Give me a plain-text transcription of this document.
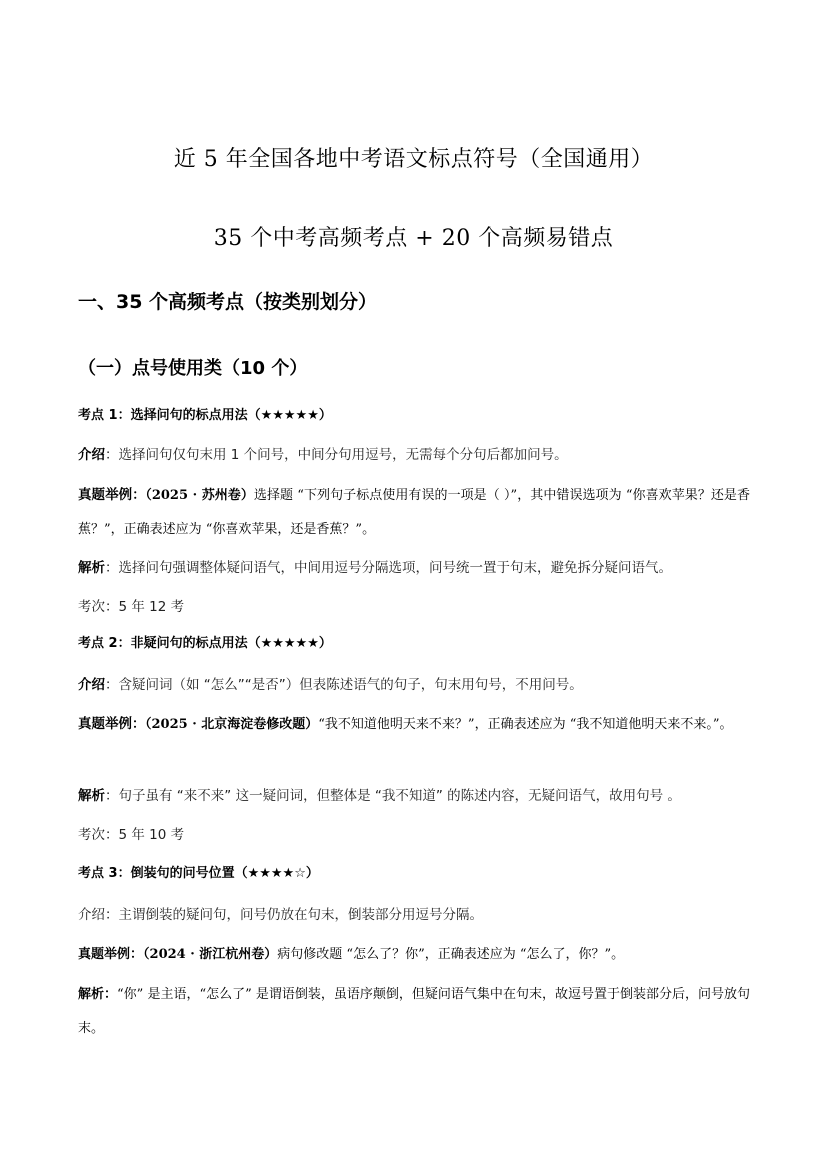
近 5 年全国各地中考语文标点符号（全国通用）
35 个中考高频考点 + 20 个高频易错点
一、35 个高频考点（按类别划分）
（一）点号使用类（10 个）
考点 1：选择问句的标点用法（★★★★★）
介绍：选择问句仅句末用 1 个问号，中间分句用逗号，无需每个分句后都加问号。
真题举例：（2025 · 苏州卷）选择题 “下列句子标点使用有误的一项是（ ）”，其中错误选项为 “你喜欢苹果？还是香蕉？”，正确表述应为 “你喜欢苹果，还是香蕉？”。
解析：选择问句强调整体疑问语气，中间用逗号分隔选项，问号统一置于句末，避免拆分疑问语气。
考次：5 年 12 考
考点 2：非疑问句的标点用法（★★★★★）
介绍：含疑问词（如 “怎么”“是否”）但表陈述语气的句子，句末用句号，不用问号。
真题举例：（2025 · 北京海淀卷修改题）“我不知道他明天来不来？”，正确表述应为 “我不知道他明天来不来。”。
解析：句子虽有 “来不来” 这一疑问词，但整体是 “我不知道” 的陈述内容，无疑问语气，故用句号 。
考次：5 年 10 考
考点 3：倒装句的问号位置（★★★★☆）
介绍：主谓倒装的疑问句，问号仍放在句末，倒装部分用逗号分隔。
真题举例：（2024 · 浙江杭州卷）病句修改题 “怎么了？你”，正确表述应为 “怎么了，你？”。
解析：“你” 是主语，“怎么了” 是谓语倒装，虽语序颠倒，但疑问语气集中在句末，故逗号置于倒装部分后，问号放句末。
